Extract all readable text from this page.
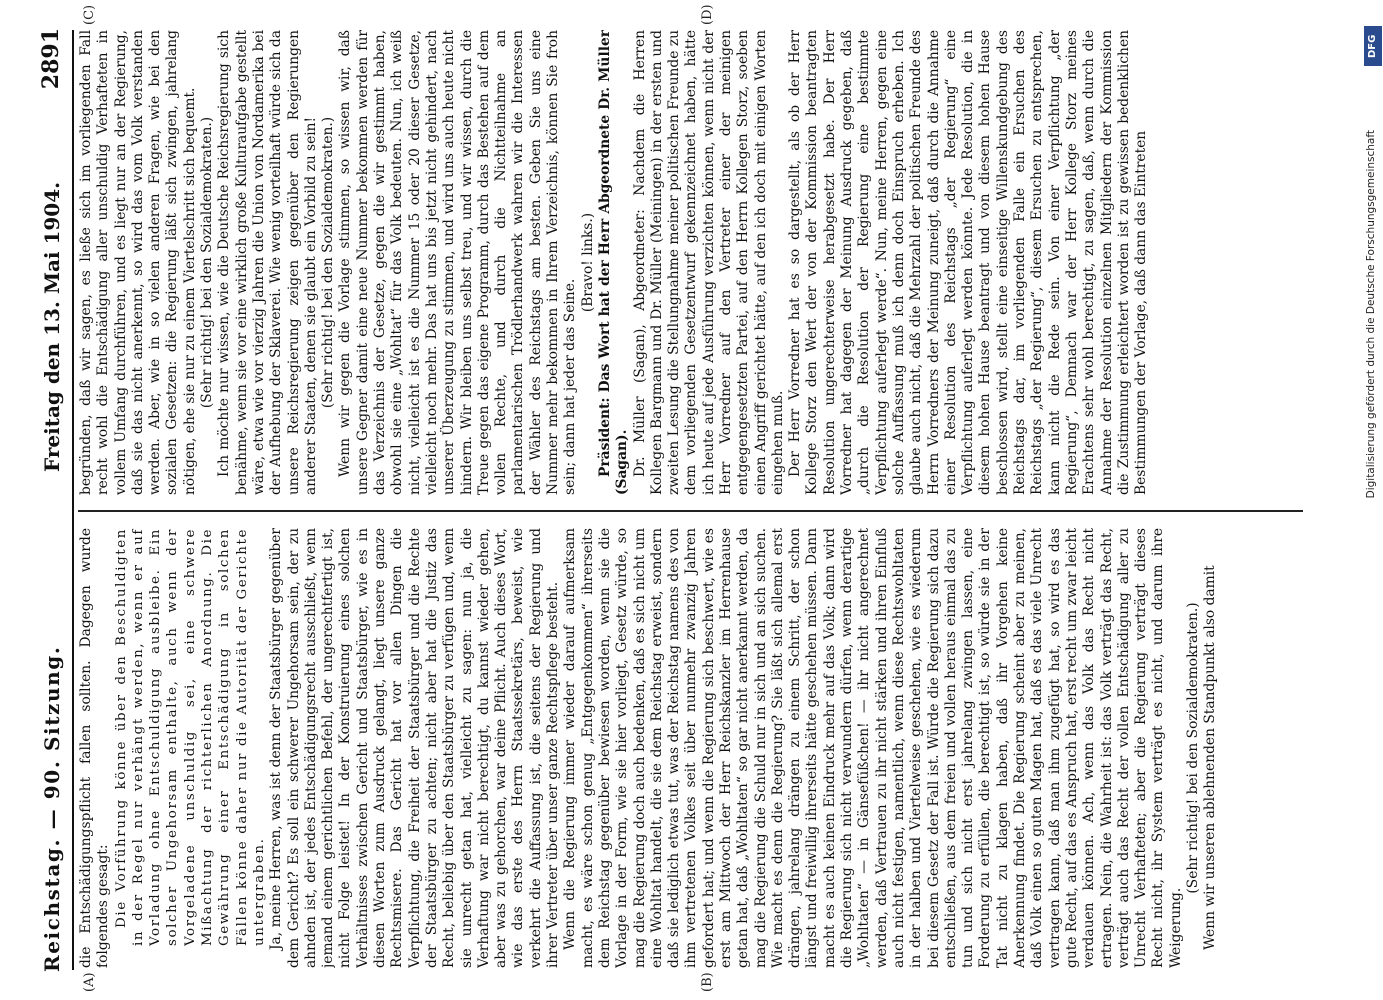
Reichstag. — 90. Sitzung.
Freitag den 13. Mai 1904.
2891
(A)	(B)
(C)	(D)

die Entschädigungspflicht fallen sollten. Dagegen wurde folgendes gesagt: Die Vorführung könne über den Beschuldigten in der Regel nur verhängt werden, wenn er auf Vorladung ohne Entschuldigung ausbleibe. Ein solcher Ungehorsam enthalte, auch wenn der Vorgeladene unschuldig sei, eine schwere Mißachtung der richterlichen Anordnung. Die Gewährung einer Entschädigung in solchen Fällen könne daher nur die Autorität der Gerichte untergraben. Ja, meine Herren, was ist denn der Staatsbürger gegenüber dem Gericht? Es soll ein schwerer Ungehorsam sein, der zu ahnden ist, der jedes Entschädigungsrecht ausschließt, wenn jemand einem gerichtlichen Befehl, der ungerechtfertigt ist, nicht Folge leistet! In der Konstruierung eines solchen Verhältnisses zwischen Gericht und Staatsbürger, wie es in diesen Worten zum Ausdruck gelangt, liegt unsere ganze Rechtsmisere. Das Gericht hat vor allen Dingen die Verpflichtung, die Freiheit der Staatsbürger und die Rechte der Staatsbürger zu achten; nicht aber hat die Justiz das Recht, beliebig über den Staatsbürger zu verfügen und, wenn sie unrecht getan hat, vielleicht zu sagen: nun ja, die Verhaftung war nicht berechtigt, du kannst wieder gehen, aber was zu gehorchen, war deine Pflicht. Auch dieses Wort, wie das erste des Herrn Staatssekretärs, beweist, wie verkehrt die Auffassung ist, die seitens der Regierung und ihrer Vertreter über unser ganze Rechtspflege besteht. Wenn die Regierung immer wieder darauf aufmerksam macht, es wäre schon genug „Entgegenkommen“ ihrerseits dem Reichstag gegenüber bewiesen worden, wenn sie die Vorlage in der Form, wie sie hier vorliegt, Gesetz würde, so mag die Regierung doch auch bedenken, daß es sich nicht um eine Wohltat handelt, die sie dem Reichstag erweist, sondern daß sie lediglich etwas tut, was der Reichstag namens des von ihm vertretenen Volkes seit über nunmehr zwanzig Jahren gefordert hat; und wenn die Regierung sich beschwert, wie es erst am Mittwoch der Herr Reichskanzler im Herrenhause getan hat, daß „Wohltaten“ so gar nicht anerkannt werden, da mag die Regierung die Schuld nur in sich und an sich suchen. Wie macht es denn die Regierung? Sie läßt sich allemal erst drängen, jahrelang drängen zu einem Schritt, der schon längst und freiwillig ihrerseits hätte geschehen müssen. Dann macht es auch keinen Eindruck mehr auf das Volk; dann wird die Regierung sich nicht verwundern dürfen, wenn derartige „Wohltaten“ — in Gänsefüßchen! — ihr nicht angerechnet werden, daß Vertrauen zu ihr nicht stärken und ihren Einfluß auch nicht festigen, namentlich, wenn diese Rechtswohltaten in der halben und Viertelweise geschehen, wie es wiederum bei diesem Gesetz der Fall ist. Würde die Regierung sich dazu entschließen, aus dem freien und vollen heraus einmal das zu tun und sich nicht erst jahrelang zwingen lassen, eine Forderung zu erfüllen, die berechtigt ist, so würde sie in der Tat nicht zu klagen haben, daß ihr Vorgehen keine Anerkennung findet. Die Regierung scheint aber zu meinen, daß Volk einen so guten Magen hat, daß es das viele Unrecht vertragen kann, daß man ihm zugefügt hat, so wird es das gute Recht, auf das es Anspruch hat, erst recht um zwar leicht verdauen können. Ach, wenn das Volk das Recht nicht ertragen. Nein, die Wahrheit ist: das Volk verträgt das Recht, verträgt auch das Recht der vollen Entschädigung aller zu Unrecht Verhafteten; aber die Regierung verträgt dieses Recht nicht, ihr System verträgt es nicht, und darum ihre Weigerung.

(Sehr richtig! bei den Sozialdemokraten.) Wenn wir unseren ablehnenden Standpunkt also damit

begründen, daß wir sagen, es ließe sich im vorliegenden Fall recht wohl die Entschädigung aller unschuldig Verhafteten in vollem Umfang durchführen, und es liegt nur an der Regierung, daß sie das nicht anerkennt, so wird das vom Volk verstanden werden. Aber, wie in so vielen anderen Fragen, wie bei den sozialen Gesetzen: die Regierung läßt sich zwingen, jahrelang nötigen, ehe sie nur zu einem Viertelschritt sich bequemt. (Sehr richtig! bei den Sozialdemokraten.) Ich möchte nur wissen, wie die Deutsche Reichsregierung sich benähme, wenn sie vor eine wirklich große Kulturaufgabe gestellt wäre, etwa wie vor vierzig Jahren die Union von Nordamerika bei der Aufhebung der Sklaverei. Wie wenig vorteilhaft würde sich da unsere Reichsregierung zeigen gegenüber den Regierungen anderer Staaten, denen sie glaubt ein Vorbild zu sein! (Sehr richtig! bei den Sozialdemokraten.) Wenn wir gegen die Vorlage stimmen, so wissen wir, daß unsere Gegner damit eine neue Nummer bekommen werden für das Verzeichnis der Gesetze, gegen die wir gestimmt haben, obwohl sie eine „Wohltat“ für das Volk bedeuten. Nun, ich weiß nicht, vielleicht ist es die Nummer 15 oder 20 dieser Gesetze, vielleicht noch mehr. Das hat uns bis jetzt nicht gehindert, nach unserer Überzeugung zu stimmen, und wird uns auch heute nicht hindern. Wir bleiben uns selbst treu, und wir wissen, durch die Treue gegen das eigene Programm, durch das Bestehen auf dem vollen Rechte, und durch die Nichtteilnahme an parlamentarischen Trödlerhandwerk wahren wir die Interessen der Wähler des Reichstags am besten. Geben Sie uns eine Nummer mehr bekommen in Ihrem Verzeichnis, können Sie froh sein; dann hat jeder das Seine.

(Bravo! links.) Präsident: Das Wort hat der Herr Abgeordnete Dr. Müller (Sagan). Dr. Müller (Sagan), Abgeordneter: Nachdem die Herren Kollegen Bargmann und Dr. Müller (Meiningen) in der ersten und zweiten Lesung die Stellungnahme meiner politischen Freunde zu dem vorliegenden Gesetzentwurf gekennzeichnet haben, hätte ich heute auf jede Ausführung verzichten können, wenn nicht der Herr Vorredner auf den Vertreter einer der meinigen entgegengesetzten Partei, auf den Herrn Kollegen Storz, soeben einen Angriff gerichtet hätte, auf den ich doch mit einigen Worten eingehen muß. Der Herr Vorredner hat es so dargestellt, als ob der Herr Kollege Storz den Wert der von der Kommission beantragten Resolution ungerechterweise herabgesetzt habe. Der Herr Vorredner hat dagegen der Meinung Ausdruck gegeben, daß „durch die Resolution der Regierung eine bestimmte Verpflichtung auferlegt werde“. Nun, meine Herren, gegen eine solche Auffassung muß ich denn doch Einspruch erheben. Ich glaube auch nicht, daß die Mehrzahl der politischen Freunde des Herrn Vorredners der Meinung zuneigt, daß durch die Annahme einer Resolution des Reichstags „der Regierung“ eine Verpflichtung auferlegt werden könnte. Jede Resolution, die in diesem hohen Hause beantragt und von diesem hohen Hause beschlossen wird, stellt eine einseitige Willenskundgebung des Reichstags dar, im vorliegenden Falle ein Ersuchen des Reichstags „der Regierung“, diesem Ersuchen zu entsprechen, kann nicht die Rede sein. Von einer Verpflichtung „der Regierung“, Demnach war der Herr Kollege Storz meines Erachtens sehr wohl berechtigt, zu sagen, daß, wenn durch die Annahme der Resolution einzelnen Mitgliedern der Kommission die Zustimmung erleichtert worden ist zu gewissen bedenklichen Bestimmungen der Vorlage, daß dann das Eintreten

DFG
Digitalisierung gefördert durch die Deutsche Forschungsgemeinschaft
